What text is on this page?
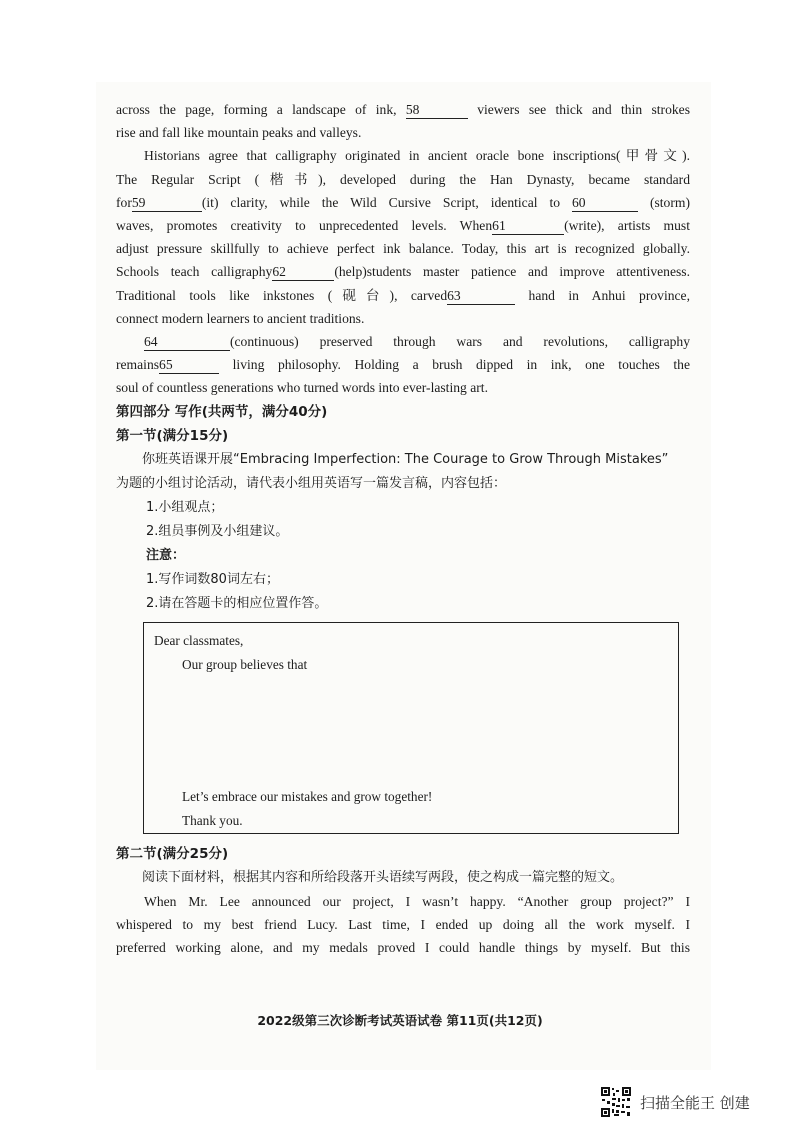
across the page, forming a landscape of ink, 58	viewers see thick and thin strokes

rise and fall like mountain peaks and valleys.

Historians agree that calligraphy originated in ancient oracle bone inscriptions(甲骨文).

The Regular Script (楷书), developed during the Han Dynasty, became standard

for59	(it) clarity, while the Wild Cursive Script, identical to 60	(storm)

waves, promotes creativity to unprecedented levels. When61	(write), artists must

adjust pressure skillfully to achieve perfect ink balance. Today, this art is recognized globally.

Schools teach calligraphy62	(help)students master patience and improve attentiveness.

Traditional tools like inkstones (砚台), carved63	hand in Anhui province,

connect modern learners to ancient traditions.

64	(continuous) preserved through wars and revolutions, calligraphy

remains65	living philosophy. Holding a brush dipped in ink, one touches the

soul of countless generations who turned words into ever-lasting art.

第四部分 写作(共两节，满分40分)

第一节(满分15分)

你班英语课开展“Embracing Imperfection: The Courage to Grow Through Mistakes”

为题的小组讨论活动，请代表小组用英语写一篇发言稿，内容包括：

1.小组观点；

2.组员事例及小组建议。

注意：

1.写作词数80词左右；

2.请在答题卡的相应位置作答。

Dear classmates,
Our group believes that
Let’s embrace our mistakes and grow together!
Thank you.

第二节(满分25分)

阅读下面材料，根据其内容和所给段落开头语续写两段，使之构成一篇完整的短文。

When Mr. Lee announced our project, I wasn’t happy. “Another group project?” I

whispered to my best friend Lucy. Last time, I ended up doing all the work myself. I

preferred working alone, and my medals proved I could handle things by myself. But this

2022级第三次诊断考试英语试卷 第11页(共12页)
扫描全能王 创建
